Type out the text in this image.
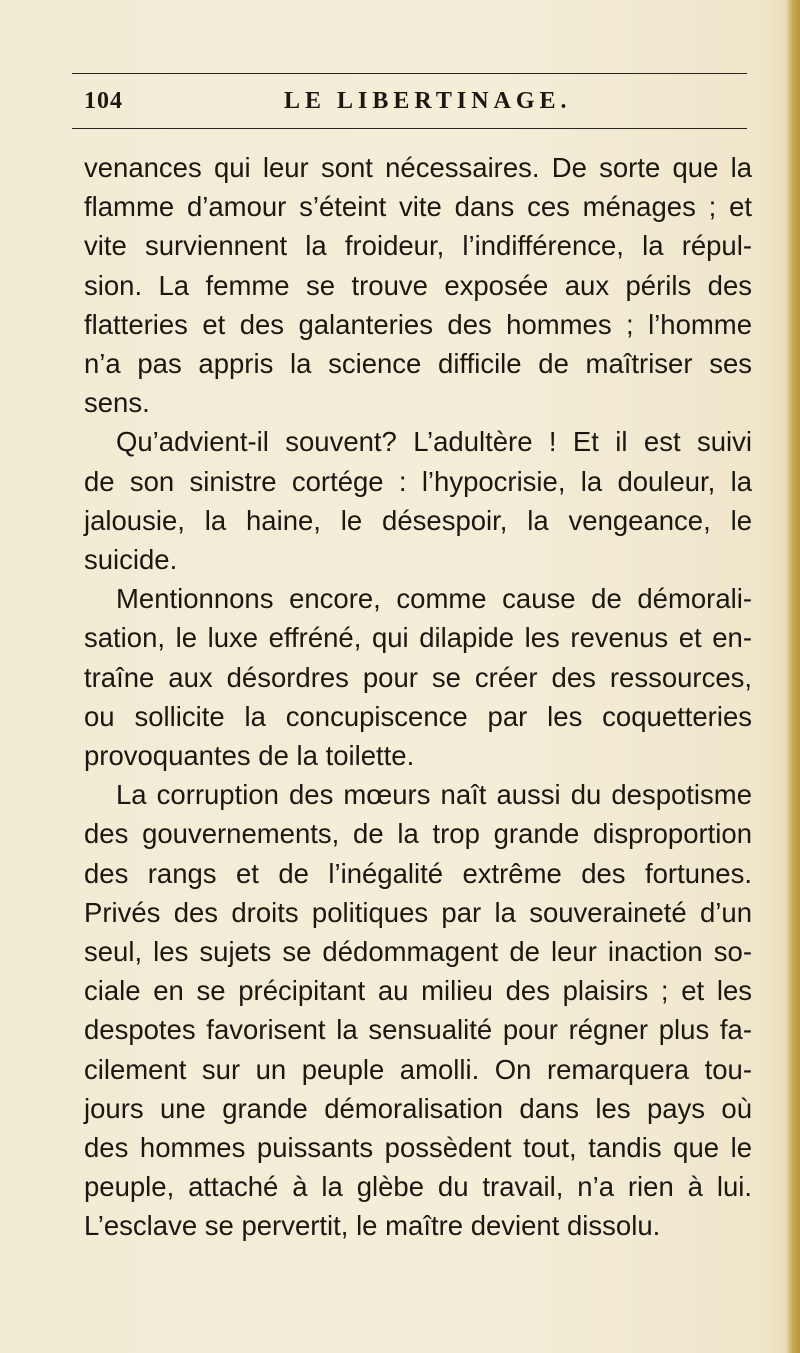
104	LE LIBERTINAGE.
venances qui leur sont nécessaires. De sorte que la
flamme d’amour s’éteint vite dans ces ménages ; et
vite surviennent la froideur, l’indifférence, la répul-
sion. La femme se trouve exposée aux périls des
flatteries et des galanteries des hommes ; l’homme
n’a pas appris la science difficile de maîtriser ses
sens.
Qu’advient-il souvent? L’adultère ! Et il est suivi
de son sinistre cortége : l’hypocrisie, la douleur, la
jalousie, la haine, le désespoir, la vengeance, le
suicide.
Mentionnons encore, comme cause de démorali-
sation, le luxe effréné, qui dilapide les revenus et en-
traîne aux désordres pour se créer des ressources,
ou sollicite la concupiscence par les coquetteries
provoquantes de la toilette.
La corruption des mœurs naît aussi du despotisme
des gouvernements, de la trop grande disproportion
des rangs et de l’inégalité extrême des fortunes.
Privés des droits politiques par la souveraineté d’un
seul, les sujets se dédommagent de leur inaction so-
ciale en se précipitant au milieu des plaisirs ; et les
despotes favorisent la sensualité pour régner plus fa-
cilement sur un peuple amolli. On remarquera tou-
jours une grande démoralisation dans les pays où
des hommes puissants possèdent tout, tandis que le
peuple, attaché à la glèbe du travail, n’a rien à lui.
L’esclave se pervertit, le maître devient dissolu.
